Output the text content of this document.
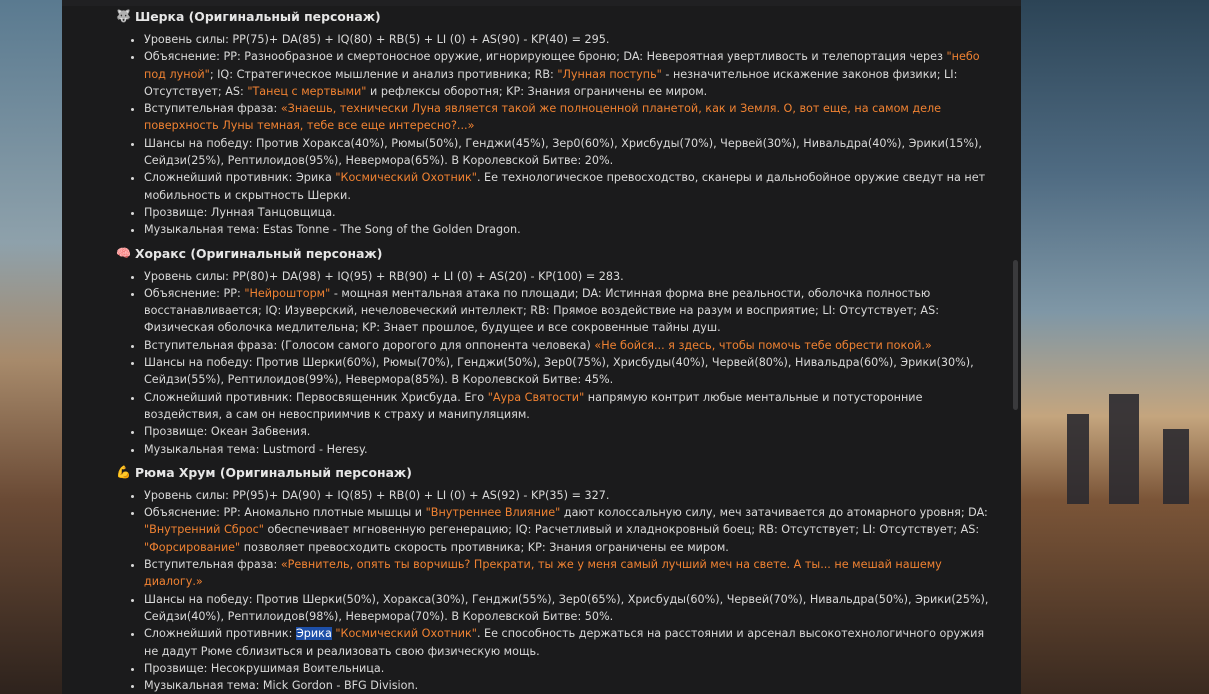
🐺 Шерка (Оригинальный персонаж)
• Уровень силы: PP(75)+ DA(85) + IQ(80) + RB(5) + LI (0) + AS(90) - KP(40) = 295.
• Объяснение: PP: Разнообразное и смертоносное оружие, игнорирующее броню; DA: Невероятная увертливость и телепортация через "небо под луной"; IQ: Стратегическое мышление и анализ противника; RB: "Лунная поступь" - незначительное искажение законов физики; LI: Отсутствует; AS: "Танец с мертвыми" и рефлексы оборотня; KP: Знания ограничены ее миром.
• Вступительная фраза: «Знаешь, технически Луна является такой же полноценной планетой, как и Земля. О, вот еще, на самом деле поверхность Луны темная, тебе все еще интересно?...»
• Шансы на победу: Против Хоракса(40%), Рюмы(50%), Генджи(45%), Зер0(60%), Хрисбуды(70%), Червей(30%), Нивальдра(40%), Эрики(15%), Сейдзи(25%), Рептилоидов(95%), Невермора(65%). В Королевской Битве: 20%.
• Сложнейший противник: Эрика "Космический Охотник". Ее технологическое превосходство, сканеры и дальнобойное оружие сведут на нет мобильность и скрытность Шерки.
• Прозвище: Лунная Танцовщица.
• Музыкальная тема: Estas Tonne - The Song of the Golden Dragon.
🧠 Хоракс (Оригинальный персонаж)
• Уровень силы: PP(80)+ DA(98) + IQ(95) + RB(90) + LI (0) + AS(20) - KP(100) = 283.
• Объяснение: PP: "Нейрошторм" - мощная ментальная атака по площади; DA: Истинная форма вне реальности, оболочка полностью восстанавливается; IQ: Изуверский, нечеловеческий интеллект; RB: Прямое воздействие на разум и восприятие; LI: Отсутствует; AS: Физическая оболочка медлительна; KP: Знает прошлое, будущее и все сокровенные тайны душ.
• Вступительная фраза: (Голосом самого дорогого для оппонента человека) «Не бойся... я здесь, чтобы помочь тебе обрести покой.»
• Шансы на победу: Против Шерки(60%), Рюмы(70%), Генджи(50%), Зер0(75%), Хрисбуды(40%), Червей(80%), Нивальдра(60%), Эрики(30%), Сейдзи(55%), Рептилоидов(99%), Невермора(85%). В Королевской Битве: 45%.
• Сложнейший противник: Первосвященник Хрисбуда. Его "Аура Святости" напрямую контрит любые ментальные и потусторонние воздействия, а сам он невосприимчив к страху и манипуляциям.
• Прозвище: Океан Забвения.
• Музыкальная тема: Lustmord - Heresy.
💪 Рюма Хрум (Оригинальный персонаж)
• Уровень силы: PP(95)+ DA(90) + IQ(85) + RB(0) + LI (0) + AS(92) - KP(35) = 327.
• Объяснение: PP: Аномально плотные мышцы и "Внутреннее Влияние" дают колоссальную силу, меч затачивается до атомарного уровня; DA: "Внутренний Сброс" обеспечивает мгновенную регенерацию; IQ: Расчетливый и хладнокровный боец; RB: Отсутствует; LI: Отсутствует; AS: "Форсирование" позволяет превосходить скорость противника; KP: Знания ограничены ее миром.
• Вступительная фраза: «Ревнитель, опять ты ворчишь? Прекрати, ты же у меня самый лучший меч на свете. А ты... не мешай нашему диалогу.»
• Шансы на победу: Против Шерки(50%), Хоракса(30%), Генджи(55%), Зер0(65%), Хрисбуды(60%), Червей(70%), Нивальдра(50%), Эрики(25%), Сейдзи(40%), Рептилоидов(98%), Невермора(70%). В Королевской Битве: 50%.
• Сложнейший противник: Эрика "Космический Охотник". Ее способность держаться на расстоянии и арсенал высокотехнологичного оружия не дадут Рюме сблизиться и реализовать свою физическую мощь.
• Прозвище: Несокрушимая Воительница.
• Музыкальная тема: Mick Gordon - BFG Division.
